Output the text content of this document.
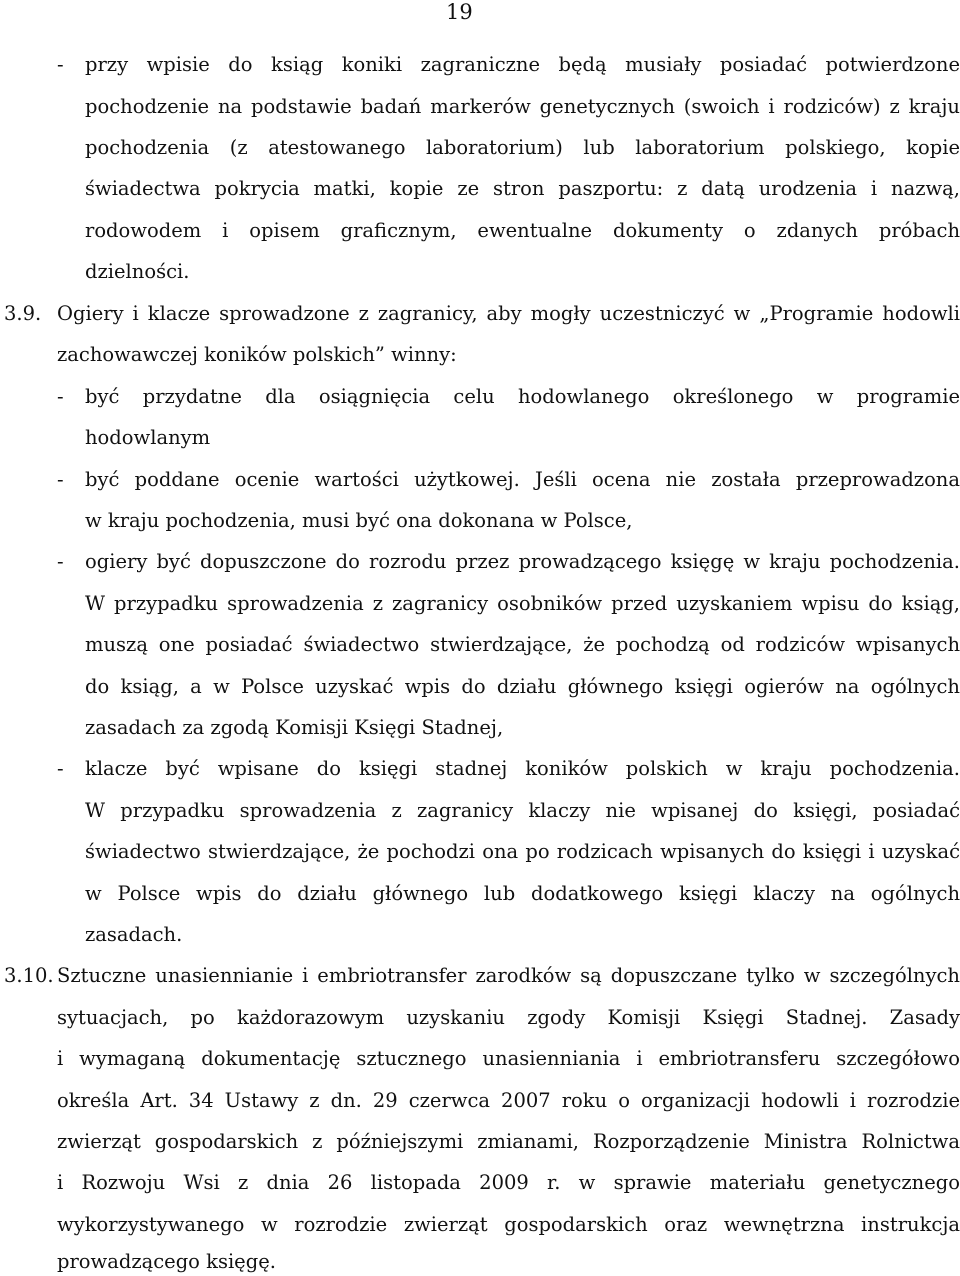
19
- przy wpisie do ksiąg koniki zagraniczne będą musiały posiadać potwierdzone
pochodzenie na podstawie badań markerów genetycznych (swoich i rodziców) z kraju
pochodzenia (z atestowanego laboratorium) lub laboratorium polskiego, kopie
świadectwa pokrycia matki, kopie ze stron paszportu: z datą urodzenia i nazwą,
rodowodem i opisem graficznym, ewentualne dokumenty o zdanych próbach
dzielności.
3.9. Ogiery i klacze sprowadzone z zagranicy, aby mogły uczestniczyć w „Programie hodowli
zachowawczej koników polskich” winny:
- być przydatne dla osiągnięcia celu hodowlanego określonego w programie
hodowlanym
- być poddane ocenie wartości użytkowej. Jeśli ocena nie została przeprowadzona
w kraju pochodzenia, musi być ona dokonana w Polsce,
- ogiery być dopuszczone do rozrodu przez prowadzącego księgę w kraju pochodzenia.
W przypadku sprowadzenia z zagranicy osobników przed uzyskaniem wpisu do ksiąg,
muszą one posiadać świadectwo stwierdzające, że pochodzą od rodziców wpisanych
do ksiąg, a w Polsce uzyskać wpis do działu głównego księgi ogierów na ogólnych
zasadach za zgodą Komisji Księgi Stadnej,
- klacze być wpisane do księgi stadnej koników polskich w kraju pochodzenia.
W przypadku sprowadzenia z zagranicy klaczy nie wpisanej do księgi, posiadać
świadectwo stwierdzające, że pochodzi ona po rodzicach wpisanych do księgi i uzyskać
w Polsce wpis do działu głównego lub dodatkowego księgi klaczy na ogólnych
zasadach.
3.10. Sztuczne unasiennianie i embriotransfer zarodków są dopuszczane tylko w szczególnych
sytuacjach, po każdorazowym uzyskaniu zgody Komisji Księgi Stadnej. Zasady
i wymaganą dokumentację sztucznego unasienniania i embriotransferu szczegółowo
określa Art. 34 Ustawy z dn. 29 czerwca 2007 roku o organizacji hodowli i rozrodzie
zwierząt gospodarskich z późniejszymi zmianami, Rozporządzenie Ministra Rolnictwa
i Rozwoju Wsi z dnia 26 listopada 2009 r. w sprawie materiału genetycznego
wykorzystywanego w rozrodzie zwierząt gospodarskich oraz wewnętrzna instrukcja
prowadzącego księgę.
